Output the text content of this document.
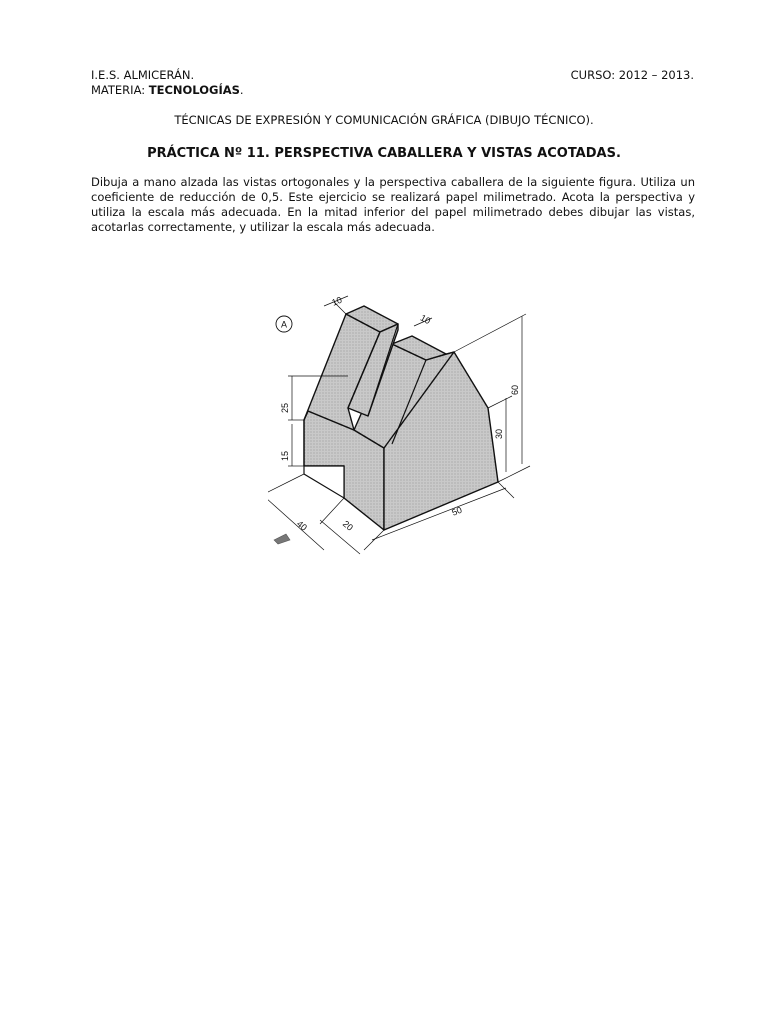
I.E.S. ALMICERÁN.
MATERIA: TECNOLOGÍAS.
CURSO: 2012 – 2013.
TÉCNICAS DE EXPRESIÓN Y COMUNICACIÓN GRÁFICA (DIBUJO TÉCNICO).
PRÁCTICA Nº 11. PERSPECTIVA CABALLERA Y VISTAS ACOTADAS.

Dibuja a mano alzada las vistas ortogonales y la perspectiva caballera de la siguiente figura. Utiliza un coeficiente de reducción de 0,5. Este ejercicio se realizará papel milimetrado. Acota la perspectiva y utiliza la escala más adecuada. En la mitad inferior del papel milimetrado debes dibujar las vistas, acotarlas correctamente, y utilizar la escala más adecuada.

A
10
10
60
30
25
15
40	20
50
